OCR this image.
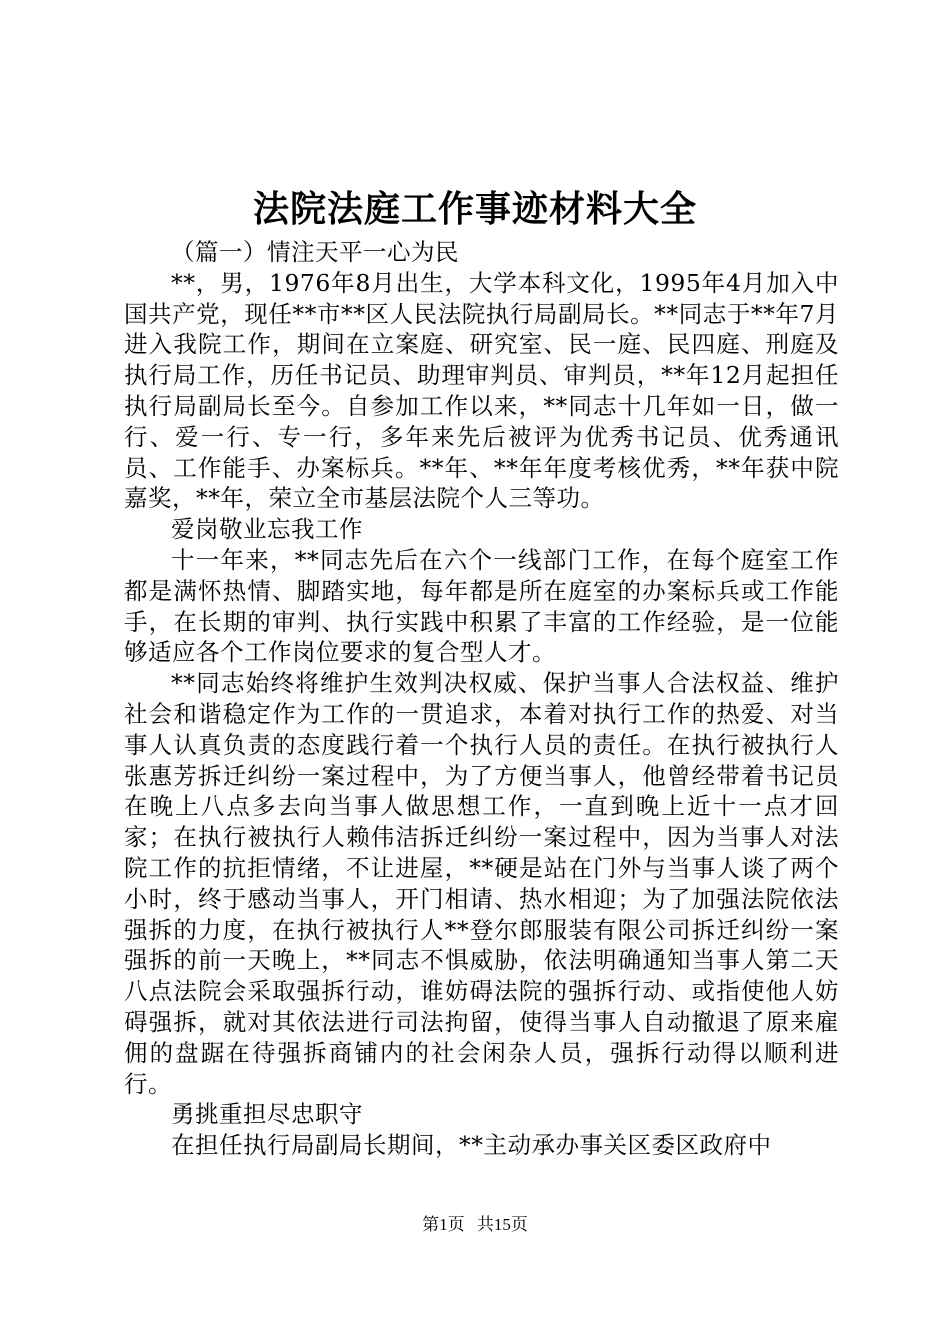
法院法庭工作事迹材料大全

（篇一）情注天平一心为民

**，男，1976年8月出生，大学本科文化，1995年4月加入中国共产党，现任**市**区人民法院执行局副局长。**同志于**年7月进入我院工作，期间在立案庭、研究室、民一庭、民四庭、刑庭及执行局工作，历任书记员、助理审判员、审判员，**年12月起担任执行局副局长至今。自参加工作以来，**同志十几年如一日，做一行、爱一行、专一行，多年来先后被评为优秀书记员、优秀通讯员、工作能手、办案标兵。**年、**年年度考核优秀，**年获中院嘉奖，**年，荣立全市基层法院个人三等功。

爱岗敬业忘我工作

十一年来，**同志先后在六个一线部门工作，在每个庭室工作都是满怀热情、脚踏实地，每年都是所在庭室的办案标兵或工作能手，在长期的审判、执行实践中积累了丰富的工作经验，是一位能够适应各个工作岗位要求的复合型人才。

**同志始终将维护生效判决权威、保护当事人合法权益、维护社会和谐稳定作为工作的一贯追求，本着对执行工作的热爱、对当事人认真负责的态度践行着一个执行人员的责任。在执行被执行人张惠芳拆迁纠纷一案过程中，为了方便当事人，他曾经带着书记员在晚上八点多去向当事人做思想工作，一直到晚上近十一点才回家；在执行被执行人赖伟洁拆迁纠纷一案过程中，因为当事人对法院工作的抗拒情绪，不让进屋，**硬是站在门外与当事人谈了两个小时，终于感动当事人，开门相请、热水相迎；为了加强法院依法强拆的力度，在执行被执行人**登尔郎服装有限公司拆迁纠纷一案强拆的前一天晚上，**同志不惧威胁，依法明确通知当事人第二天八点法院会采取强拆行动，谁妨碍法院的强拆行动、或指使他人妨碍强拆，就对其依法进行司法拘留，使得当事人自动撤退了原来雇佣的盘踞在待强拆商铺内的社会闲杂人员，强拆行动得以顺利进行。

勇挑重担尽忠职守

在担任执行局副局长期间，**主动承办事关区委区政府中

第1页 共15页
